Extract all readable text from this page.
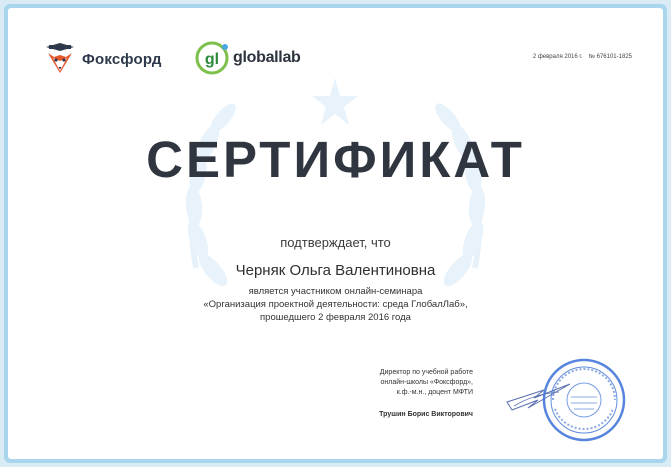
Фоксфорд	gl globallab	2 февраля 2016 г. № 676101-1825
СЕРТИФИКАТ
подтверждает, что
Черняк Ольга Валентиновна
является участником онлайн-семинара
«Организация проектной деятельности: среда ГлобалЛаб»,
прошедшего 2 февраля 2016 года
Директор по учебной работе
онлайн-школы «Фоксфорд»,
к.ф.-м.н., доцент МФТИ
Трушин Борис Викторович
